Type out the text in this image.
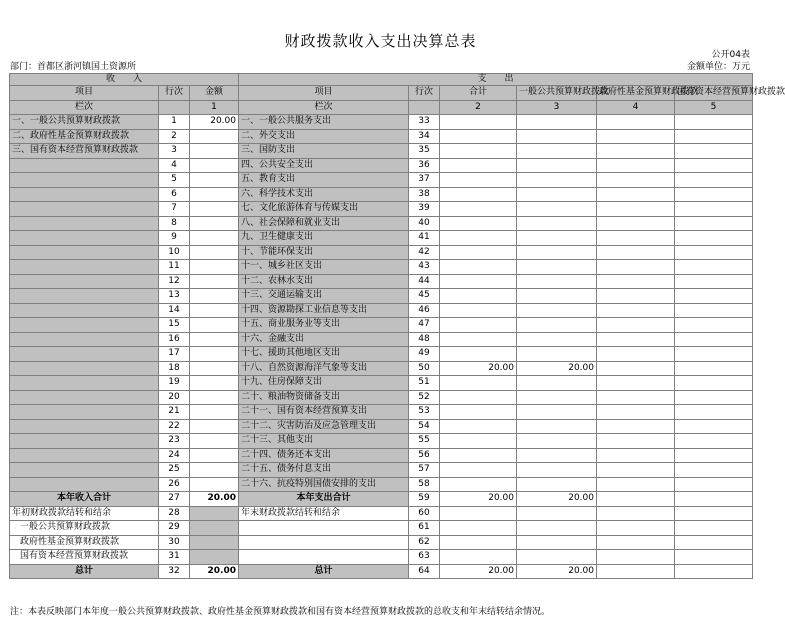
财政拨款收入支出决算总表
公开04表
部门：首都区浙河镇国土资源所	金额单位：万元
收　　入			支　　出					
项目	行次	金额	项目	行次	合计	一般公共预算财政拨款	政府性基金预算财政拨款	国有资本经营预算财政拨款
栏次		1	栏次		2	3	4	5
一、一般公共预算财政拨款	1	20.00	一、一般公共服务支出	33				
二、政府性基金预算财政拨款	2		二、外交支出	34				
三、国有资本经营预算财政拨款	3		三、国防支出	35				
	4		四、公共安全支出	36				
	5		五、教育支出	37				
	6		六、科学技术支出	38				
	7		七、文化旅游体育与传媒支出	39				
	8		八、社会保障和就业支出	40				
	9		九、卫生健康支出	41				
	10		十、节能环保支出	42				
	11		十一、城乡社区支出	43				
	12		十二、农林水支出	44				
	13		十三、交通运输支出	45				
	14		十四、资源勘探工业信息等支出	46				
	15		十五、商业服务业等支出	47				
	16		十六、金融支出	48				
	17		十七、援助其他地区支出	49				
	18		十八、自然资源海洋气象等支出	50	20.00	20.00		
	19		十九、住房保障支出	51				
	20		二十、粮油物资储备支出	52				
	21		二十一、国有资本经营预算支出	53				
	22		二十二、灾害防治及应急管理支出	54				
	23		二十三、其他支出	55				
	24		二十四、债务还本支出	56				
	25		二十五、债务付息支出	57				
	26		二十六、抗疫特别国债安排的支出	58				
本年收入合计	27	20.00	本年支出合计	59	20.00	20.00		
年初财政拨款结转和结余	28		年末财政拨款结转和结余	60				
一般公共预算财政拨款	29			61				
政府性基金预算财政拨款	30			62				
国有资本经营预算财政拨款	31			63				
总计	32	20.00	总计	64	20.00	20.00		
注：本表反映部门本年度一般公共预算财政拨款、政府性基金预算财政拨款和国有资本经营预算财政拨款的总收支和年末结转结余情况。
